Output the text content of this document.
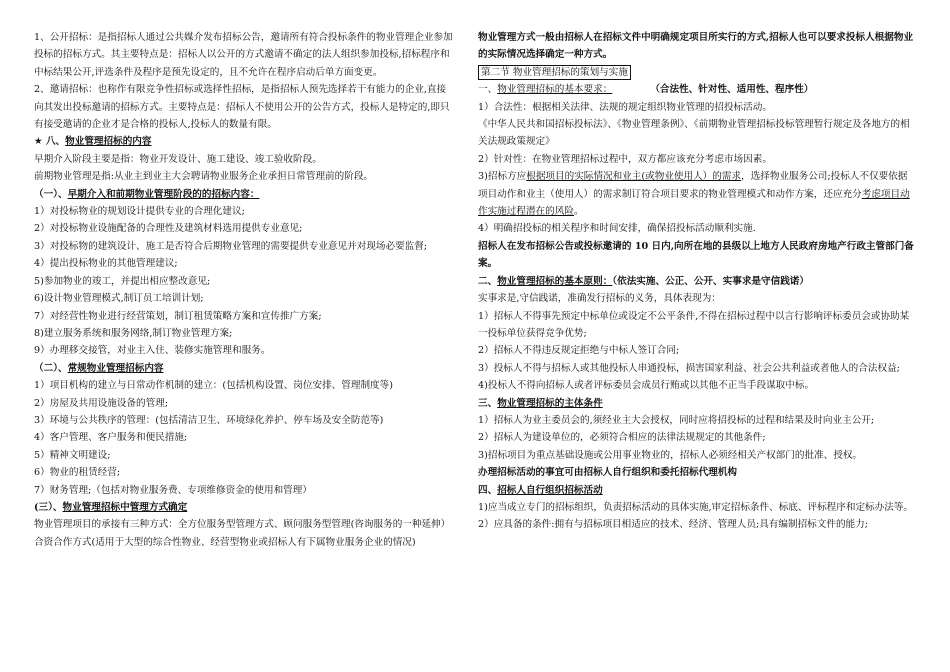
1、公开招标：是指招标人通过公共媒介发布招标公告，邀请所有符合投标条件的物业管理企业参加投标的招标方式。其主要特点是：招标人以公开的方式邀请不确定的法人组织参加投标,招标程序和中标结果公开,评选条件及程序是预先设定的，且不允许在程序启动后单方面变更。

2、邀请招标：也称作有限竞争性招标或选择性招标，是指招标人预先选择若干有能力的企业,直接向其发出投标邀请的招标方式。主要特点是：招标人不使用公开的公告方式，投标人是特定的,即只有接受邀请的企业才是合格的投标人,投标人的数量有限。

★ 八、物业管理招标的内容

早期介入阶段主要是指：物业开发设计、施工建设、竣工验收阶段。

前期物业管理是指:从业主到业主大会聘请物业服务企业承担日常管理前的阶段。

（一）、早期介入和前期物业管理阶段的的招标内容：

1）对投标物业的规划设计提供专业的合理化建议;

2）对投标物业设施配备的合理性及建筑材料选用提供专业意见;

3）对投标物的建筑设计、施工是否符合后期物业管理的需要提供专业意见并对现场必要监督;

4）提出投标物业的其他管理建议;

5)参加物业的竣工，并提出相应整改意见;

6)设计物业管理模式,制订员工培训计划;

7）对经营性物业进行经营策划，制订租赁策略方案和宣传推广方案;

8)建立服务系统和服务网络,制订物业管理方案;

9）办理移交接管，对业主入住、装修实施管理和服务。

（二）、常规物业管理招标内容

1）项目机构的建立与日常动作机制的建立：(包括机构设置、岗位安排、管理制度等)

2）房屋及共用设施设备的管理;

3）环境与公共秩序的管理：(包括清洁卫生、环境绿化养护、停车场及安全防范等)

4）客户管理、客户服务和便民措施;

5）精神文明建设;

6）物业的租赁经营;

7）财务管理;（包括对物业服务费、专项维修资金的使用和管理）

(三）、物业管理招标中管理方式确定

物业管理项目的承接有三种方式：全方位服务型管理方式、顾问服务型管理(咨询服务的一种延伸）合资合作方式(适用于大型的综合性物业、经营型物业或招标人有下属物业服务企业的情况)

物业管理方式一般由招标人在招标文件中明确规定项目所实行的方式,招标人也可以要求投标人根据物业的实际情况选择确定一种方式。

第二节 物业管理招标的策划与实施

一、物业管理招标的基本要求：	（合法性、针对性、适用性、程序性）

1）合法性：根据相关法律、法规的规定组织物业管理的招投标活动。

《中华人民共和国招标投标法》、《物业管理条例》、《前期物业管理招标投标管理暂行规定及各地方的相关法规政策规定》

2）针对性：在物业管理招标过程中，双方都应该充分考虑市场因素。

3)招标方应根据项目的实际情况和业主(或物业使用人）的需求，选择物业服务公司;投标人不仅要依据项目动作和业主（使用人）的需求制订符合项目要求的物业管理模式和动作方案，还应充分考虑项目动作实施过程潜在的风险。

4）明确招投标的相关程序和时间安排，确保招投标活动顺利实施.

招标人在发布招标公告或投标邀请的 10 日内,向所在地的县级以上地方人民政府房地产行政主管部门备案。

二、物业管理招标的基本原则：（依法实施、公正、公开、实事求是守信践诺）

实事求是,守信践诺，准确发行招标的义务，具体表现为：

1）招标人不得事先预定中标单位或设定不公平条件,不得在招标过程中以言行影响评标委员会或协助某一投标单位获得竞争优势;

2）招标人不得违反规定拒绝与中标人签订合同;

3）投标人不得与招标人或其他投标人串通投标，损害国家利益、社会公共利益或者他人的合法权益;

4)投标人不得向招标人或者评标委员会成员行贿或以其他不正当手段谋取中标。

三、物业管理招标的主体条件

1）招标人为业主委员会的,须经业主大会授权，同时应将招投标的过程和结果及时向业主公开;

2）招标人为建设单位的，必须符合相应的法律法规规定的其他条件;

3)招标项目为重点基础设施或公用事业物业的，招标人必须经相关产权部门的批准、授权。

办理招标活动的事宜可由招标人自行组织和委托招标代理机构

四、招标人自行组织招标活动

1)应当成立专门的招标组织，负责招标活动的具体实施,审定招标条件、标底、评标程序和定标办法等。

2）应具备的条件:拥有与招标项目相适应的技术、经济、管理人员;具有编制招标文件的能力;
